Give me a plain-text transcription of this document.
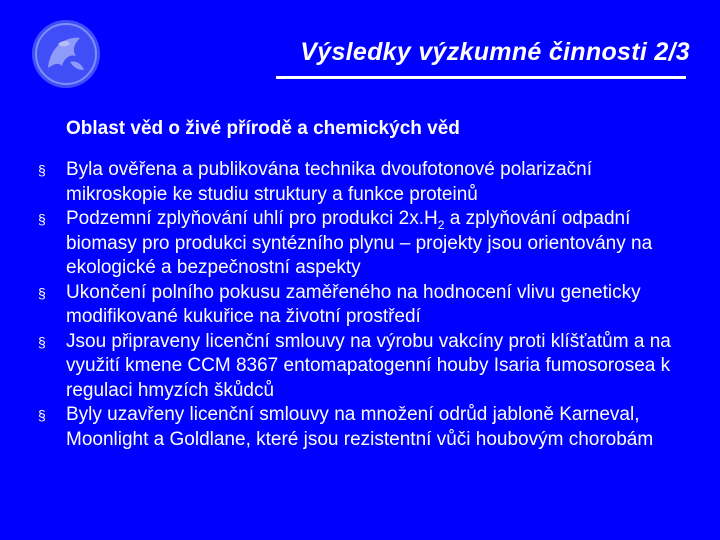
Výsledky výzkumné činnosti 2/3
Oblast věd o živé přírodě a chemických věd
§ Byla ověřena a publikována technika dvoufotonové polarizační mikroskopie ke studiu struktury a funkce proteinů
§ Podzemní zplyňování uhlí pro produkci $2x.H_2$ a zplyňování odpadní biomasy pro produkci syntézního plynu – projekty jsou orientovány na ekologické a bezpečnostní aspekty
§ Ukončení polního pokusu zaměřeného na hodnocení vlivu geneticky modifikované kukuřice na životní prostředí
§ Jsou připraveny licenční smlouvy na výrobu vakcíny proti klíšťatům a na využití kmene CCM 8367 entomapatogenní houby Isaria fumosorosea k regulaci hmyzích škůdců
§ Byly uzavřeny licenční smlouvy na množení odrůd jabloně Karneval, Moonlight a Goldlane, které jsou rezistentní vůči houbovým chorobám
